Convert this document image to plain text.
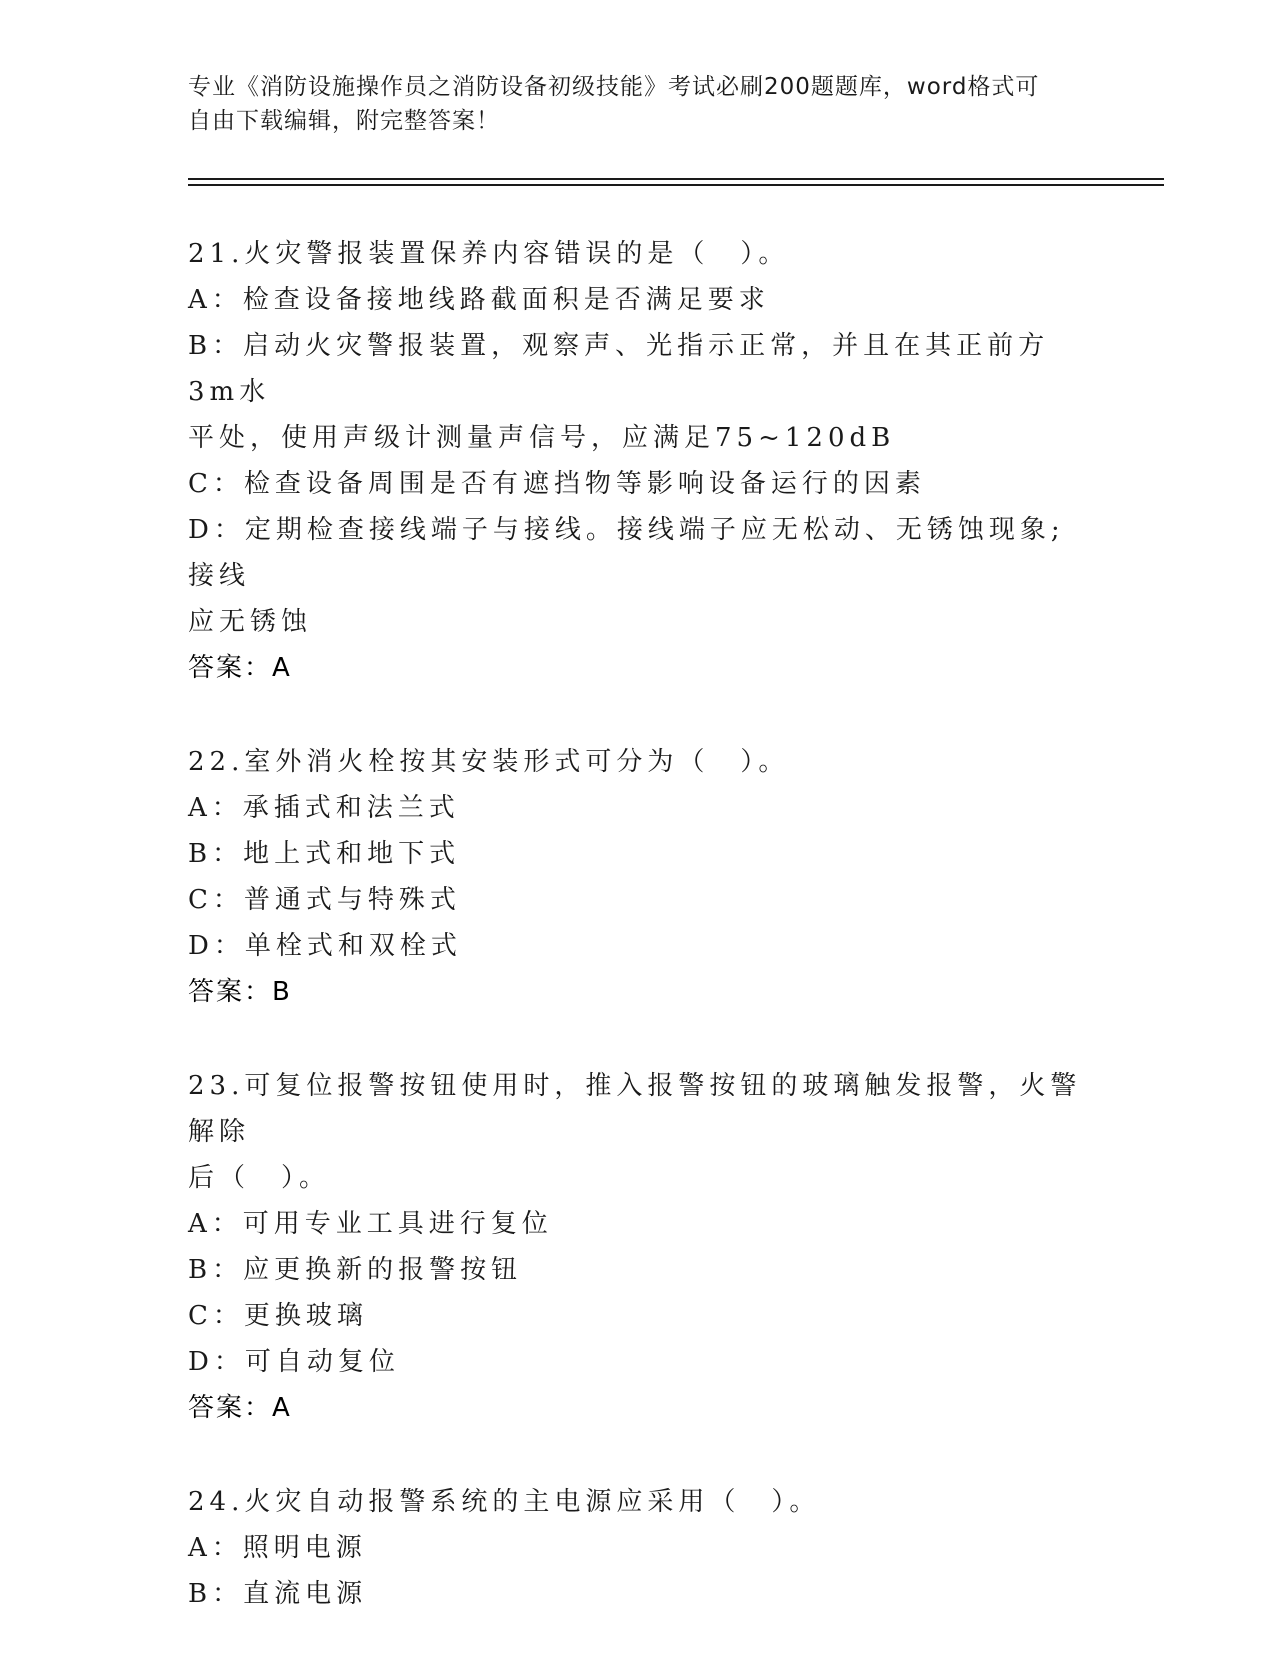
专业《消防设施操作员之消防设备初级技能》考试必刷200题题库，word格式可
自由下载编辑，附完整答案！
21.火灾警报装置保养内容错误的是（　）。
A：检查设备接地线路截面积是否满足要求
B：启动火灾警报装置，观察声、光指示正常，并且在其正前方3m水
平处，使用声级计测量声信号，应满足75~120dB
C：检查设备周围是否有遮挡物等影响设备运行的因素
D：定期检查接线端子与接线。接线端子应无松动、无锈蚀现象;接线
应无锈蚀
答案：A
22.室外消火栓按其安装形式可分为（　）。
A：承插式和法兰式
B：地上式和地下式
C：普通式与特殊式
D：单栓式和双栓式
答案：B
23.可复位报警按钮使用时，推入报警按钮的玻璃触发报警，火警解除
后（　）。
A：可用专业工具进行复位
B：应更换新的报警按钮
C：更换玻璃
D：可自动复位
答案：A
24.火灾自动报警系统的主电源应采用（　）。
A：照明电源
B：直流电源
